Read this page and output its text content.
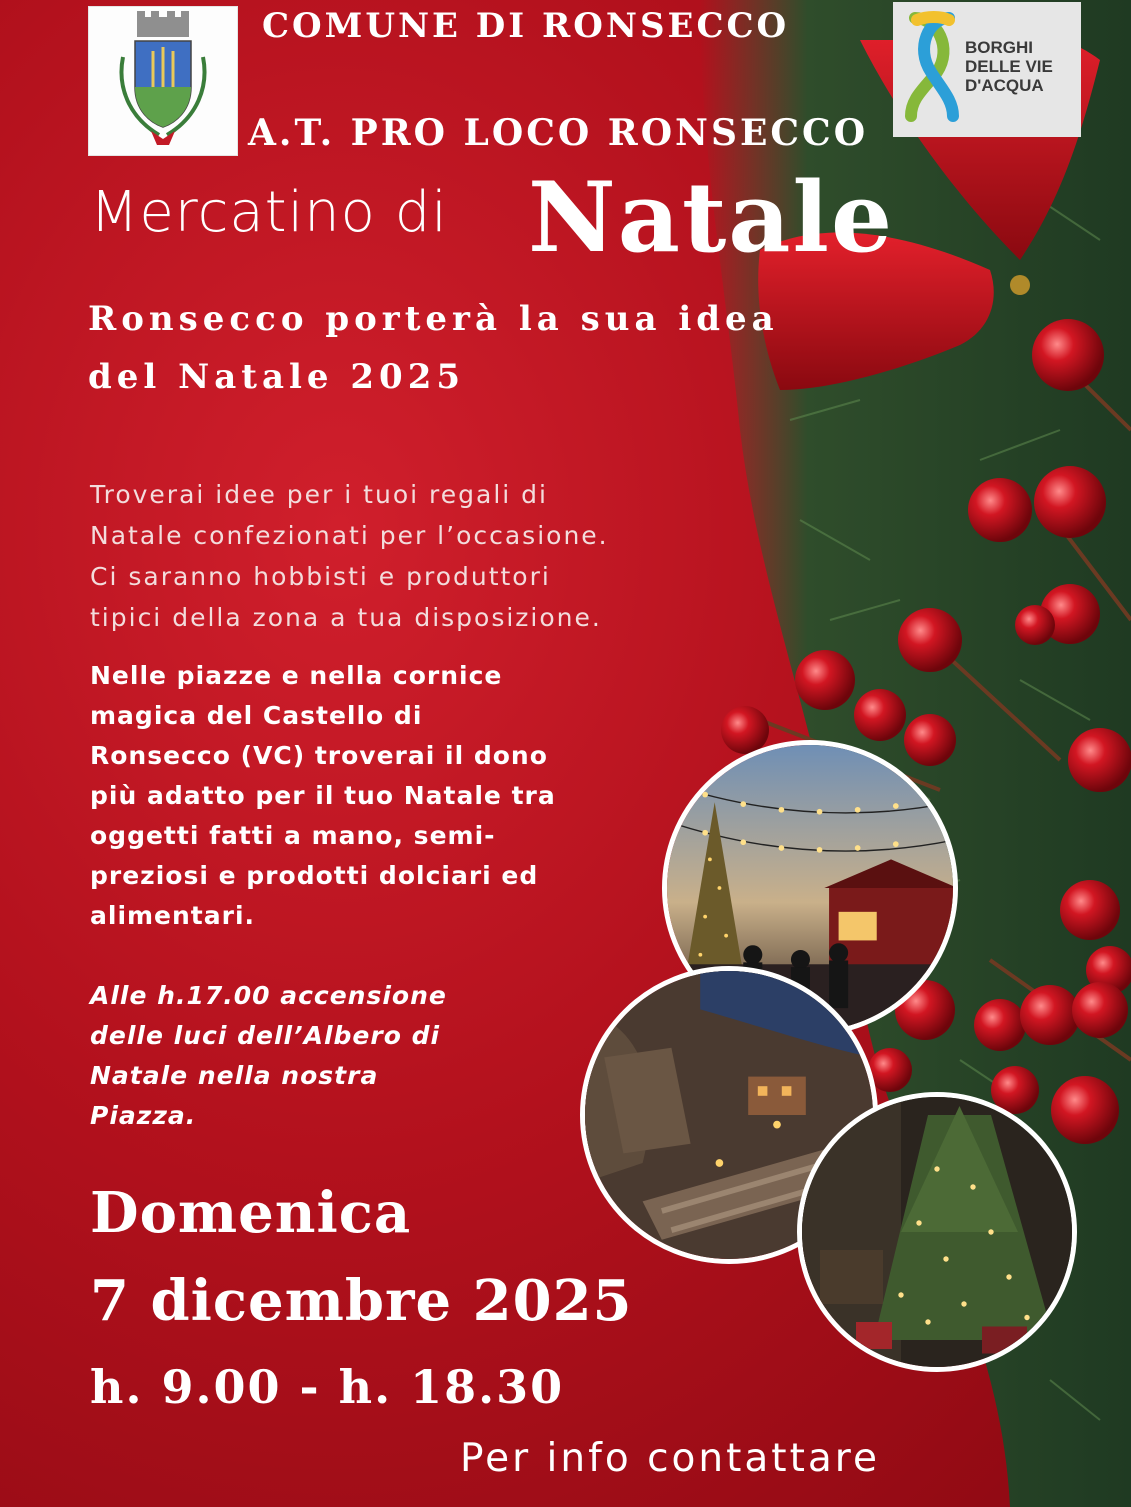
COMUNE DI RONSECCO
A.T. PRO LOCO RONSECCO
BORGHI
DELLE VIE
D'ACQUA
Mercatino di Natale
Ronsecco porterà la sua idea
del Natale 2025
Troverai idee per i tuoi regali di
Natale confezionati per l’occasione.
Ci saranno hobbisti e produttori
tipici della zona a tua disposizione.
Nelle piazze e nella cornice
magica del Castello di
Ronsecco (VC) troverai il dono
più adatto per il tuo Natale tra
oggetti fatti a mano, semi-
preziosi e prodotti dolciari ed
alimentari.
Alle h.17.00 accensione
delle luci dell’Albero di
Natale nella nostra
Piazza.
Domenica
7 dicembre 2025
h. 9.00 - h. 18.30
Per info contattare
